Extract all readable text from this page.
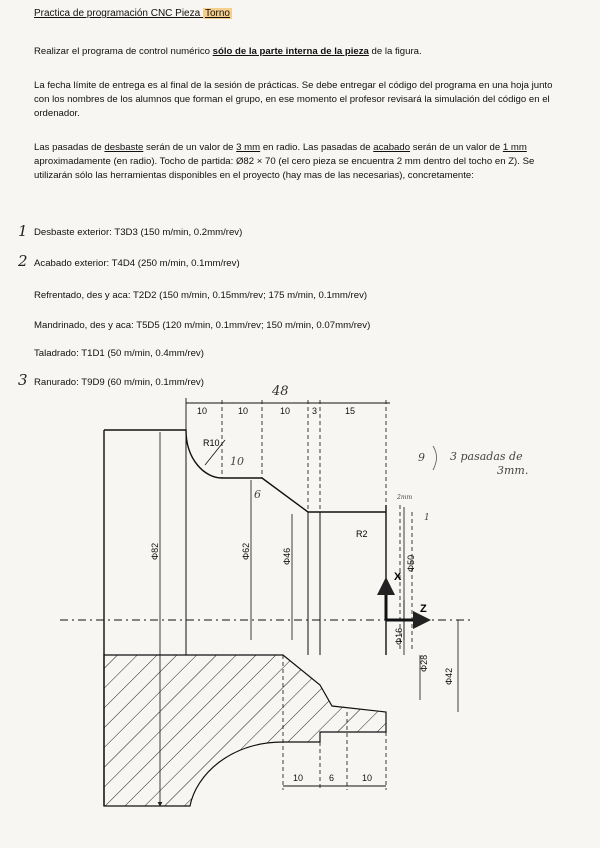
Practica de programación CNC Pieza Torno
Realizar el programa de control numérico sólo de la parte interna de la pieza de la figura.
La fecha límite de entrega es al final de la sesión de prácticas. Se debe entregar el código del programa en una hoja junto con los nombres de los alumnos que forman el grupo, en ese momento el profesor revisará la simulación del código en el ordenador.
Las pasadas de desbaste serán de un valor de 3 mm en radio. Las pasadas de acabado serán de un valor de 1 mm aproximadamente (en radio). Tocho de partida: Ø82 × 70 (el cero pieza se encuentra 2 mm dentro del tocho en Z). Se utilizarán sólo las herramientas disponibles en el proyecto (hay mas de las necesarias), concretamente:
1 Desbaste exterior: T3D3 (150 m/min, 0.2mm/rev)
2 Acabado exterior: T4D4 (250 m/min, 0.1mm/rev)
Refrentado, des y aca: T2D2 (150 m/min, 0.15mm/rev; 175 m/min, 0.1mm/rev)
Mandrinado, des y aca: T5D5 (120 m/min, 0.1mm/rev; 150 m/min, 0.07mm/rev)
Taladrado: T1D1 (50 m/min, 0.4mm/rev)
3 Ranurado: T9D9 (60 m/min, 0.1mm/rev)
10	10	10 3	15
48
R10
R2
10
6
9 3 pasadas de
3mm.
2mm
1
Φ82	Φ62	Φ46	Φ50
Φ16
Φ28
Φ42
X
Z
10	6	10
